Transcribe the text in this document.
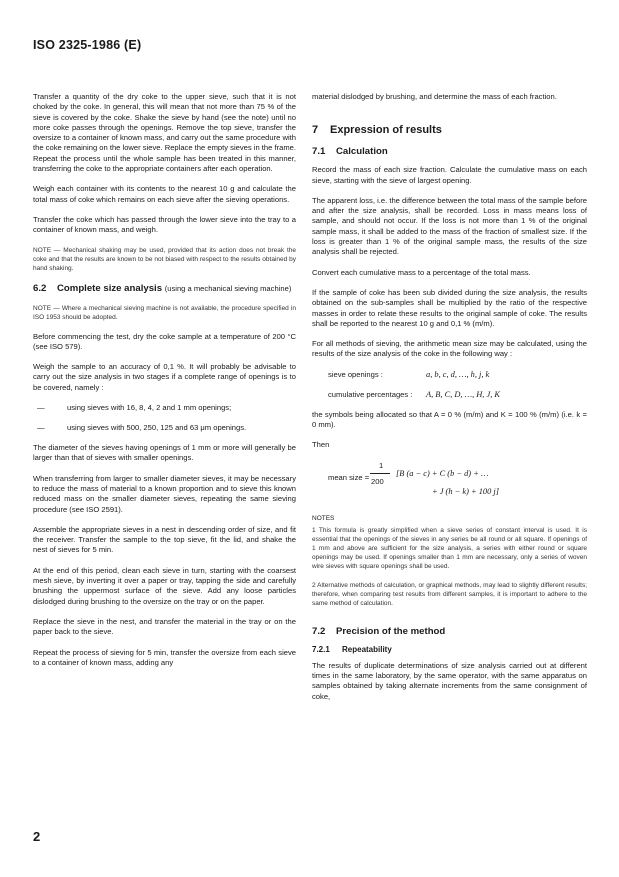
ISO 2325-1986 (E)

Transfer a quantity of the dry coke to the upper sieve, such that it is not choked by the coke. In general, this will mean that not more than 75 % of the sieve is covered by the coke. Shake the sieve by hand (see the note) until no more coke passes through the openings. Remove the top sieve, transfer the oversize to a container of known mass, and carry out the same procedure with the coke remaining on the lower sieve. Replace the empty sieves in the frame. Repeat the process until the whole sample has been treated in this manner, transferring the coke to the appropriate containers after each operation.

Weigh each container with its contents to the nearest 10 g and calculate the total mass of coke which remains on each sieve after the sieving operations.

Transfer the coke which has passed through the lower sieve into the tray to a container of known mass, and weigh.

NOTE — Mechanical shaking may be used, provided that its action does not break the coke and that the results are known to be not biased with respect to the results obtained by hand shaking.

6.2 Complete size analysis (using a mechanical sieving machine)

NOTE — Where a mechanical sieving machine is not available, the procedure specified in ISO 1953 should be adopted.

Before commencing the test, dry the coke sample at a temperature of 200 °C (see ISO 579).

Weigh the sample to an accuracy of 0,1 %. It will probably be advisable to carry out the size analysis in two stages if a complete range of openings is to be covered, namely :

—	using sieves with 16, 8, 4, 2 and 1 mm openings;
—	using sieves with 500, 250, 125 and 63 μm openings.

The diameter of the sieves having openings of 1 mm or more will generally be larger than that of sieves with smaller openings.

When transferring from larger to smaller diameter sieves, it may be necessary to reduce the mass of material to a known proportion and to sieve this known reduced mass on the smaller diameter sieves, repeating the same sieving procedure (see ISO 2591).

Assemble the appropriate sieves in a nest in descending order of size, and fit the receiver. Transfer the sample to the top sieve, fit the lid, and shake the nest of sieves for 5 min.

At the end of this period, clean each sieve in turn, starting with the coarsest mesh sieve, by inverting it over a paper or tray, tapping the side and carefully brushing the uppermost surface of the sieve. Add any loose particles dislodged during brushing to the oversize on the tray or on the paper.

Replace the sieve in the nest, and transfer the material in the tray or on the paper back to the sieve.

Repeat the process of sieving for 5 min, transfer the oversize from each sieve to a container of known mass, adding any

material dislodged by brushing, and determine the mass of each fraction.

7 Expression of results
7.1 Calculation

Record the mass of each size fraction. Calculate the cumulative mass on each sieve, starting with the sieve of largest opening.

The apparent loss, i.e. the difference between the total mass of the sample before and after the size analysis, shall be recorded. Loss in mass means loss of sample, and should not occur. If the loss is not more than 1 % of the original sample mass, it shall be added to the mass of the fraction of smallest size. If the loss is greater than 1 % of the original sample mass, the results of the size analysis shall be rejected.

Convert each cumulative mass to a percentage of the total mass.

If the sample of coke has been sub divided during the size analysis, the results obtained on the sub-samples shall be multiplied by the ratio of the respective masses in order to relate these results to the original sample of coke. The results shall be reported to the nearest 10 g and 0,1 % (m/m).

For all methods of sieving, the arithmetic mean size may be calculated, using the results of the size analysis of the coke in the following way :

sieve openings :	a, b, c, d, …, h, j, k
cumulative percentages :	A, B, C, D, …, H, J, K

the symbols being allocated so that A = 0 % (m/m) and K = 100 % (m/m) (i.e. k = 0 mm).

Then

mean size =
1
200
[B (a − c) + C (b − d) + …
+ J (h − k) + 100 j]
NOTES

1 This formula is greatly simplified when a sieve series of constant interval is used. It is essential that the openings of the sieves in any series be all round or all square. If openings of 1 mm and above are sufficient for the size analysis, a series with either round or square openings may be used. If openings smaller than 1 mm are necessary, only a series of woven wire sieves with square openings shall be used.

2 Alternative methods of calculation, or graphical methods, may lead to slightly different results; therefore, when comparing test results from different samples, it is important to adhere to the same method of calculation.

7.2 Precision of the method
7.2.1 Repeatability

The results of duplicate determinations of size analysis carried out at different times in the same laboratory, by the same operator, with the same apparatus on samples obtained by taking alternate increments from the same consignment of coke,

2
